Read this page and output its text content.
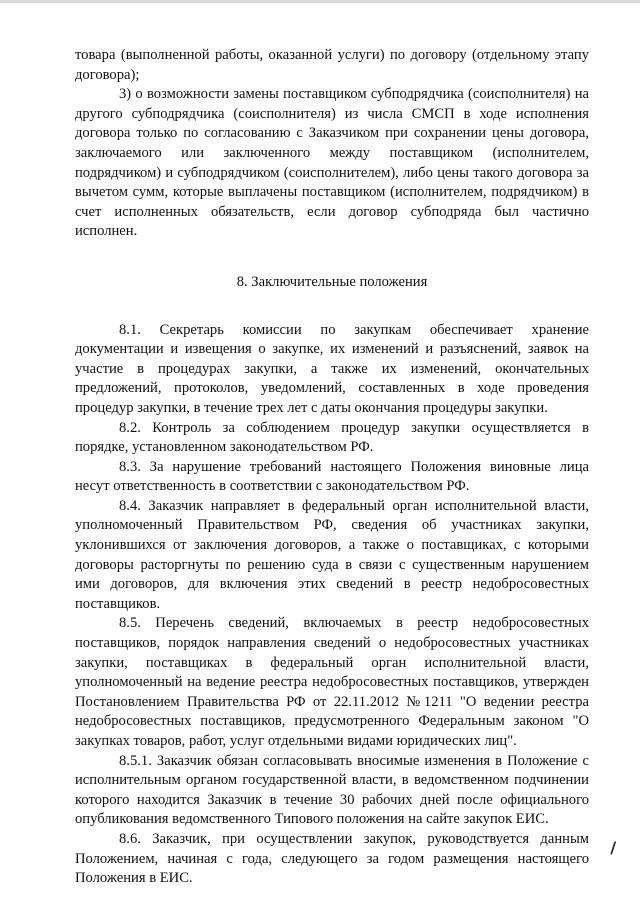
товара (выполненной работы, оказанной услуги) по договору (отдельному этапу договора);

3) о возможности замены поставщиком субподрядчика (соисполнителя) на другого субподрядчика (соисполнителя) из числа СМСП в ходе исполнения договора только по согласованию с Заказчиком при сохранении цены договора, заключаемого или заключенного между поставщиком (исполнителем, подрядчиком) и субподрядчиком (соисполнителем), либо цены такого договора за вычетом сумм, которые выплачены поставщиком (исполнителем, подрядчиком) в счет исполненных обязательств, если договор субподряда был частично исполнен.

8. Заключительные положения

8.1. Секретарь комиссии по закупкам обеспечивает хранение документации и извещения о закупке, их изменений и разъяснений, заявок на участие в процедурах закупки, а также их изменений, окончательных предложений, протоколов, уведомлений, составленных в ходе проведения процедур закупки, в течение трех лет с даты окончания процедуры закупки.

8.2. Контроль за соблюдением процедур закупки осуществляется в порядке, установленном законодательством РФ.

8.3. За нарушение требований настоящего Положения виновные лица несут ответственность в соответствии с законодательством РФ.

8.4. Заказчик направляет в федеральный орган исполнительной власти, уполномоченный Правительством РФ, сведения об участниках закупки, уклонившихся от заключения договоров, а также о поставщиках, с которыми договоры расторгнуты по решению суда в связи с существенным нарушением ими договоров, для включения этих сведений в реестр недобросовестных поставщиков.

8.5. Перечень сведений, включаемых в реестр недобросовестных поставщиков, порядок направления сведений о недобросовестных участниках закупки, поставщиках в федеральный орган исполнительной власти, уполномоченный на ведение реестра недобросовестных поставщиков, утвержден Постановлением Правительства РФ от 22.11.2012 №1211 "О ведении реестра недобросовестных поставщиков, предусмотренного Федеральным законом "О закупках товаров, работ, услуг отдельными видами юридических лиц".

8.5.1. Заказчик обязан согласовывать вносимые изменения в Положение с исполнительным органом государственной власти, в ведомственном подчинении которого находится Заказчик в течение 30 рабочих дней после официального опубликования ведомственного Типового положения на сайте закупок ЕИС.

8.6. Заказчик, при осуществлении закупок, руководствуется данным Положением, начиная с года, следующего за годом размещения настоящего Положения в ЕИС.
